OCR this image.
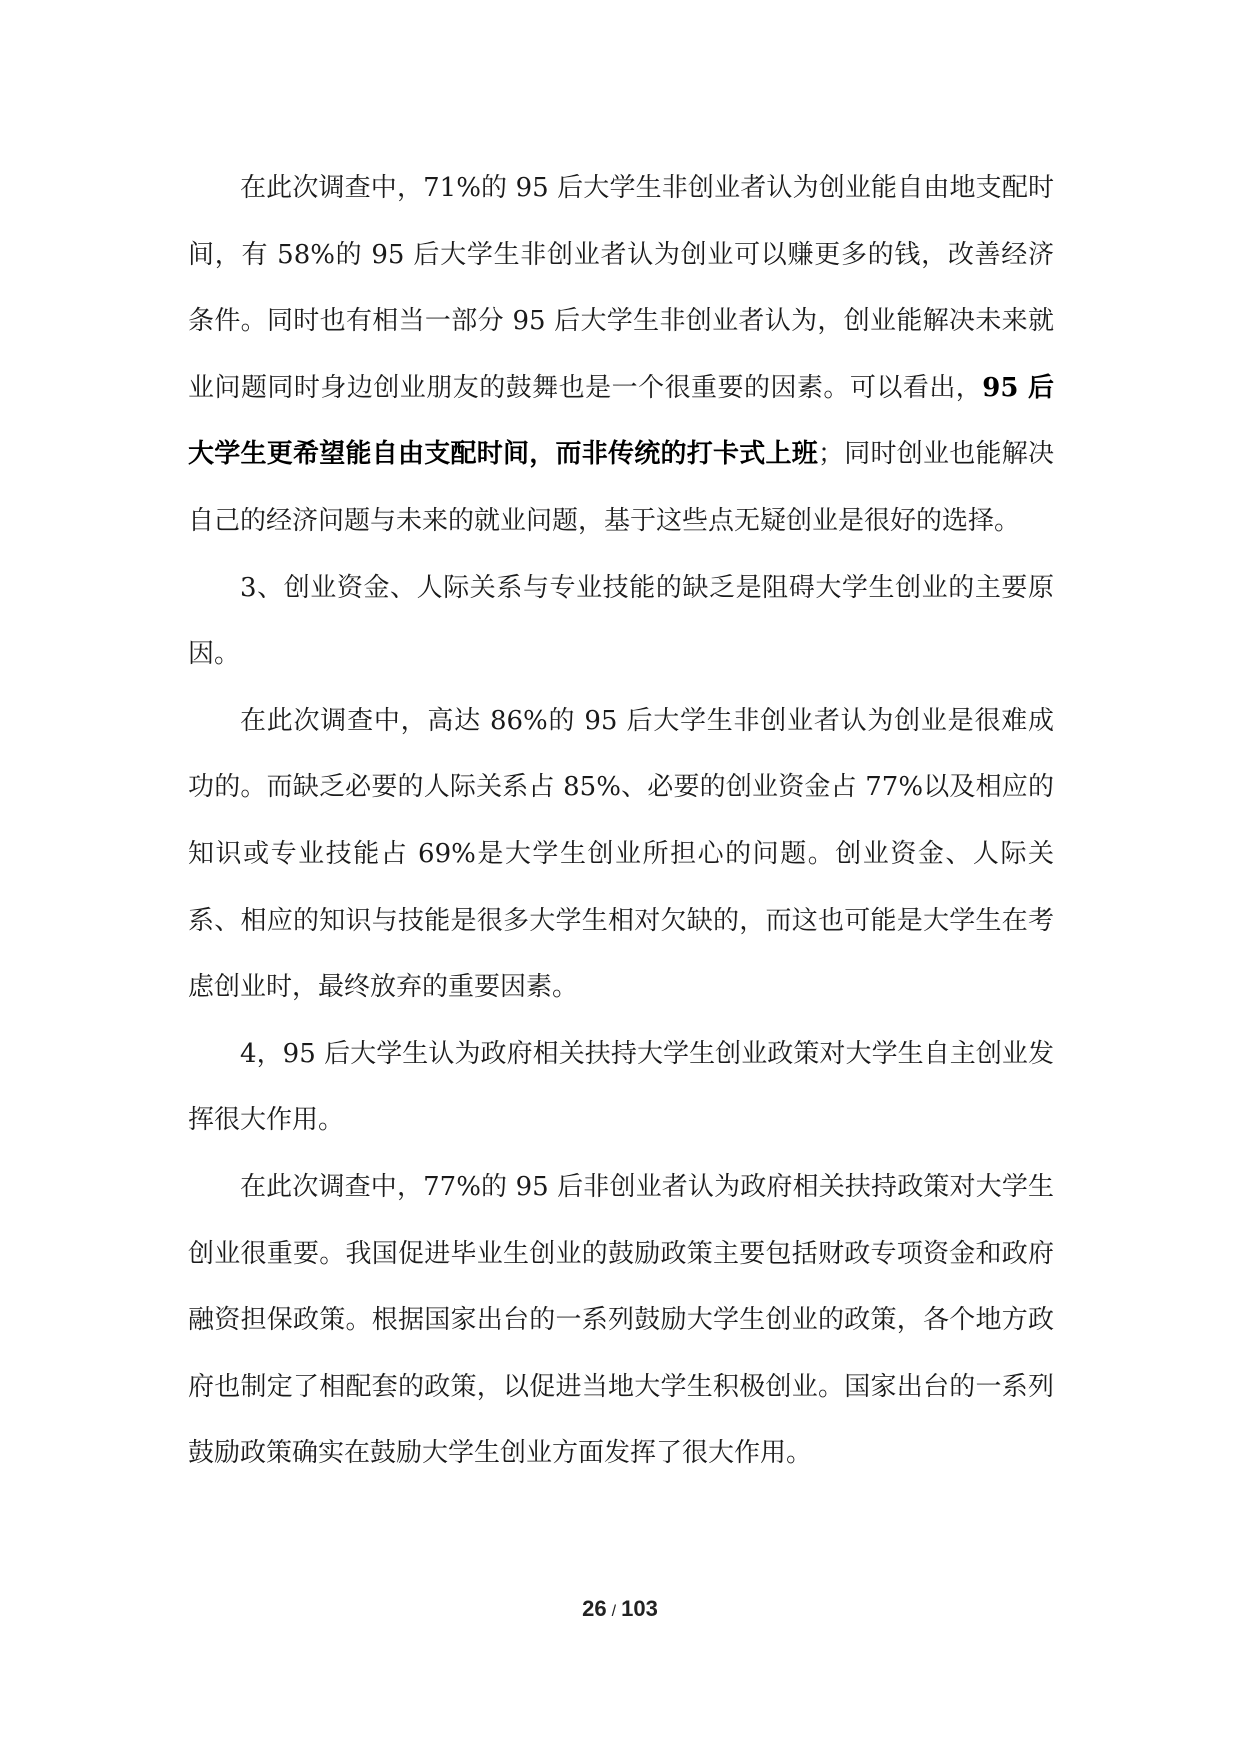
在此次调查中，71%的 95 后大学生非创业者认为创业能自由地支配时间，有 58%的 95 后大学生非创业者认为创业可以赚更多的钱，改善经济条件。同时也有相当一部分 95 后大学生非创业者认为，创业能解决未来就业问题同时身边创业朋友的鼓舞也是一个很重要的因素。可以看出，95 后大学生更希望能自由支配时间，而非传统的打卡式上班；同时创业也能解决自己的经济问题与未来的就业问题，基于这些点无疑创业是很好的选择。

3、创业资金、人际关系与专业技能的缺乏是阻碍大学生创业的主要原因。

在此次调查中，高达 86%的 95 后大学生非创业者认为创业是很难成功的。而缺乏必要的人际关系占 85%、必要的创业资金占 77%以及相应的知识或专业技能占 69%是大学生创业所担心的问题。创业资金、人际关系、相应的知识与技能是很多大学生相对欠缺的，而这也可能是大学生在考虑创业时，最终放弃的重要因素。

4，95 后大学生认为政府相关扶持大学生创业政策对大学生自主创业发挥很大作用。

在此次调查中，77%的 95 后非创业者认为政府相关扶持政策对大学生创业很重要。我国促进毕业生创业的鼓励政策主要包括财政专项资金和政府融资担保政策。根据国家出台的一系列鼓励大学生创业的政策，各个地方政府也制定了相配套的政策，以促进当地大学生积极创业。国家出台的一系列鼓励政策确实在鼓励大学生创业方面发挥了很大作用。

26 / 103
